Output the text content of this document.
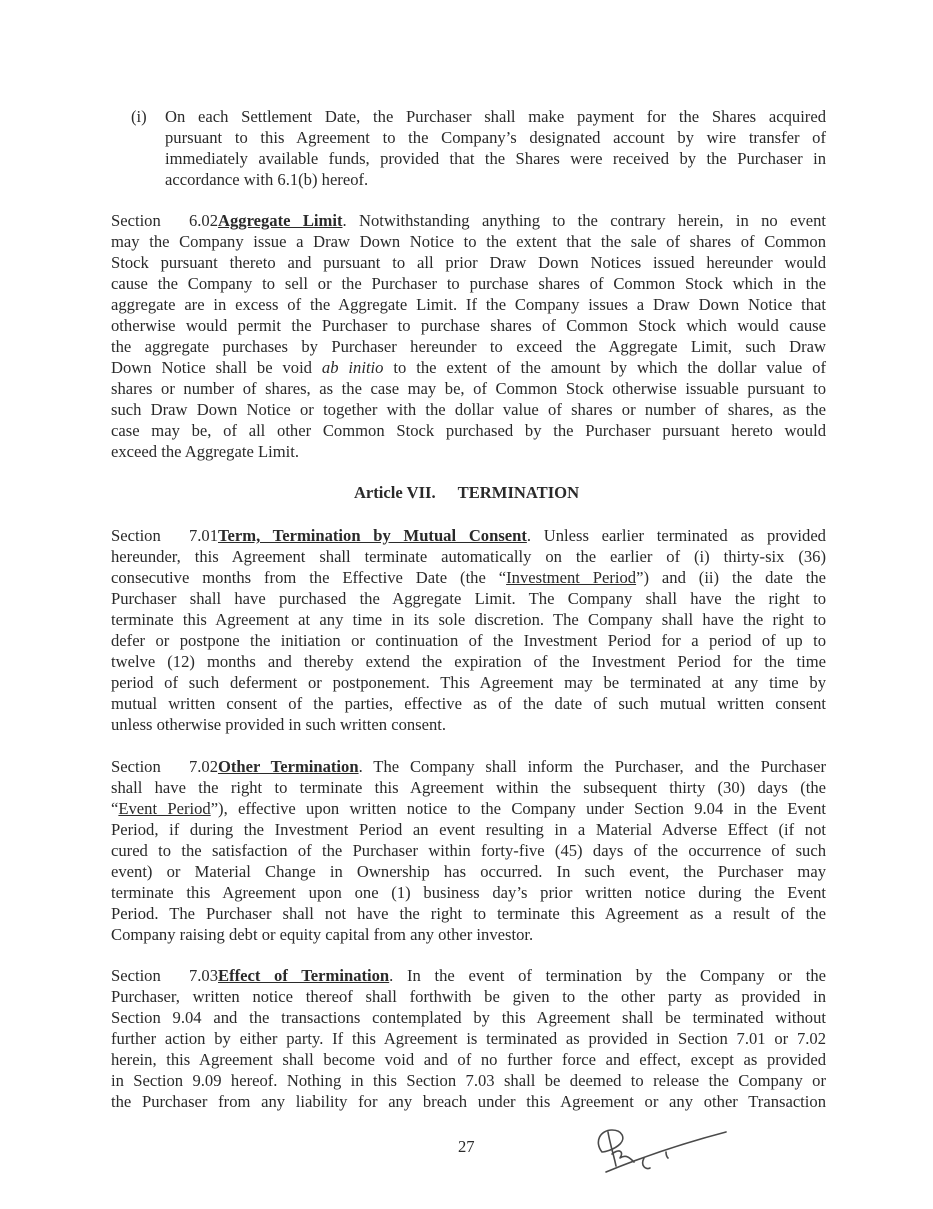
(i) On each Settlement Date, the Purchaser shall make payment for the Shares acquired
pursuant to this Agreement to the Company’s designated account by wire transfer of
immediately available funds, provided that the Shares were received by the Purchaser in
accordance with 6.1(b) hereof.
Section 6.02Aggregate Limit. Notwithstanding anything to the contrary herein, in no event
may the Company issue a Draw Down Notice to the extent that the sale of shares of Common
Stock pursuant thereto and pursuant to all prior Draw Down Notices issued hereunder would
cause the Company to sell or the Purchaser to purchase shares of Common Stock which in the
aggregate are in excess of the Aggregate Limit. If the Company issues a Draw Down Notice that
otherwise would permit the Purchaser to purchase shares of Common Stock which would cause
the aggregate purchases by Purchaser hereunder to exceed the Aggregate Limit, such Draw
Down Notice shall be void ab initio to the extent of the amount by which the dollar value of
shares or number of shares, as the case may be, of Common Stock otherwise issuable pursuant to
such Draw Down Notice or together with the dollar value of shares or number of shares, as the
case may be, of all other Common Stock purchased by the Purchaser pursuant hereto would
exceed the Aggregate Limit.
Article VII. TERMINATION
Section 7.01Term, Termination by Mutual Consent. Unless earlier terminated as provided
hereunder, this Agreement shall terminate automatically on the earlier of (i) thirty-six (36)
consecutive months from the Effective Date (the “Investment Period”) and (ii) the date the
Purchaser shall have purchased the Aggregate Limit. The Company shall have the right to
terminate this Agreement at any time in its sole discretion. The Company shall have the right to
defer or postpone the initiation or continuation of the Investment Period for a period of up to
twelve (12) months and thereby extend the expiration of the Investment Period for the time
period of such deferment or postponement. This Agreement may be terminated at any time by
mutual written consent of the parties, effective as of the date of such mutual written consent
unless otherwise provided in such written consent.
Section 7.02Other Termination. The Company shall inform the Purchaser, and the Purchaser
shall have the right to terminate this Agreement within the subsequent thirty (30) days (the
“Event Period”), effective upon written notice to the Company under Section 9.04 in the Event
Period, if during the Investment Period an event resulting in a Material Adverse Effect (if not
cured to the satisfaction of the Purchaser within forty-five (45) days of the occurrence of such
event) or Material Change in Ownership has occurred. In such event, the Purchaser may
terminate this Agreement upon one (1) business day’s prior written notice during the Event
Period. The Purchaser shall not have the right to terminate this Agreement as a result of the
Company raising debt or equity capital from any other investor.
Section 7.03Effect of Termination. In the event of termination by the Company or the
Purchaser, written notice thereof shall forthwith be given to the other party as provided in
Section 9.04 and the transactions contemplated by this Agreement shall be terminated without
further action by either party. If this Agreement is terminated as provided in Section 7.01 or 7.02
herein, this Agreement shall become void and of no further force and effect, except as provided
in Section 9.09 hereof. Nothing in this Section 7.03 shall be deemed to release the Company or
the Purchaser from any liability for any breach under this Agreement or any other Transaction
27
